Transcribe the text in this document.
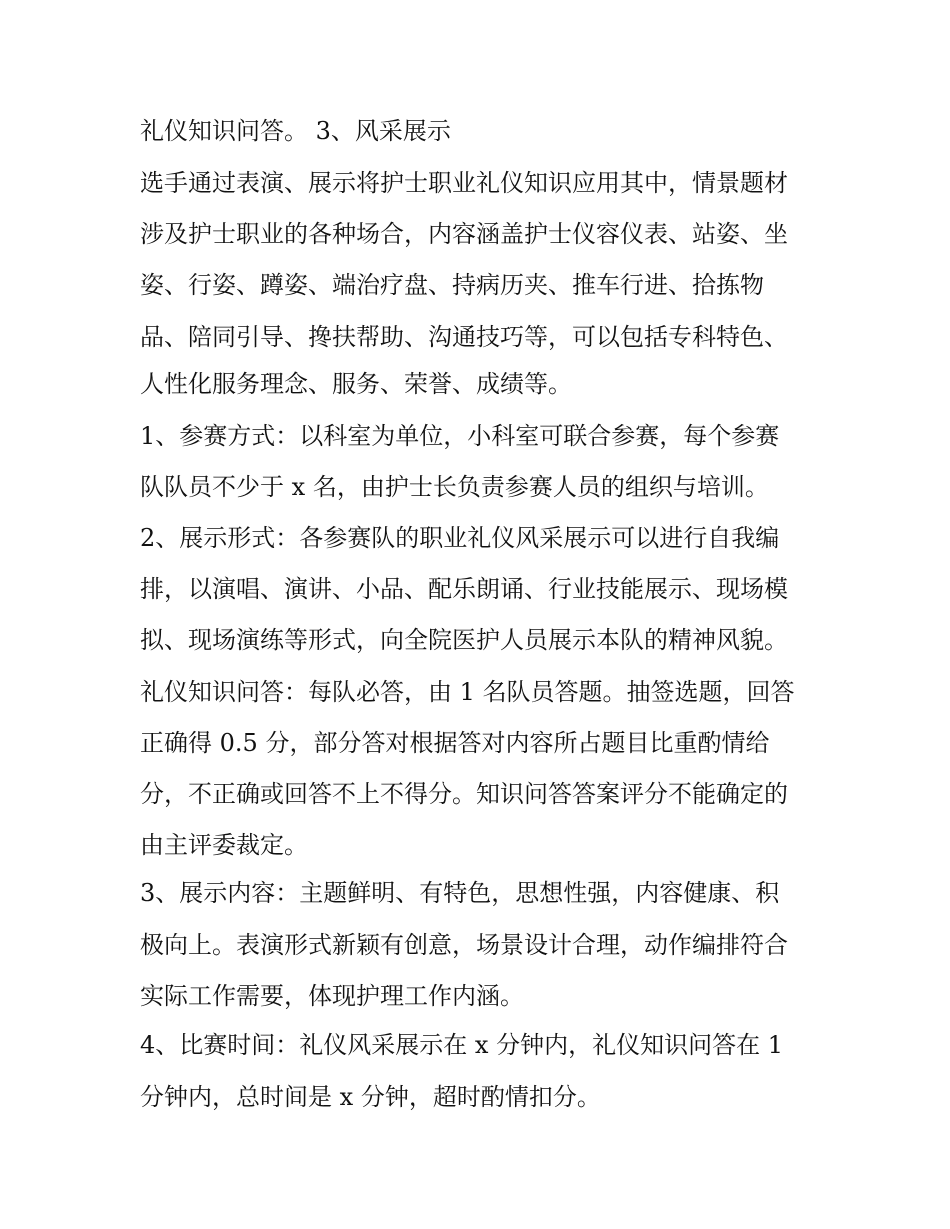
礼仪知识问答。 3、风采展示
选手通过表演、展示将护士职业礼仪知识应用其中，情景题材
涉及护士职业的各种场合，内容涵盖护士仪容仪表、站姿、坐
姿、行姿、蹲姿、端治疗盘、持病历夹、推车行进、拾拣物
品、陪同引导、搀扶帮助、沟通技巧等，可以包括专科特色、
人性化服务理念、服务、荣誉、成绩等。
1、参赛方式：以科室为单位，小科室可联合参赛，每个参赛
队队员不少于 x 名，由护士长负责参赛人员的组织与培训。
2、展示形式：各参赛队的职业礼仪风采展示可以进行自我编
排，以演唱、演讲、小品、配乐朗诵、行业技能展示、现场模
拟、现场演练等形式，向全院医护人员展示本队的精神风貌。
礼仪知识问答：每队必答，由 1 名队员答题。抽签选题，回答
正确得 0.5 分，部分答对根据答对内容所占题目比重酌情给
分，不正确或回答不上不得分。知识问答答案评分不能确定的
由主评委裁定。
3、展示内容：主题鲜明、有特色，思想性强，内容健康、积
极向上。表演形式新颖有创意，场景设计合理，动作编排符合
实际工作需要，体现护理工作内涵。
4、比赛时间：礼仪风采展示在 x 分钟内，礼仪知识问答在 1
分钟内，总时间是 x 分钟，超时酌情扣分。
